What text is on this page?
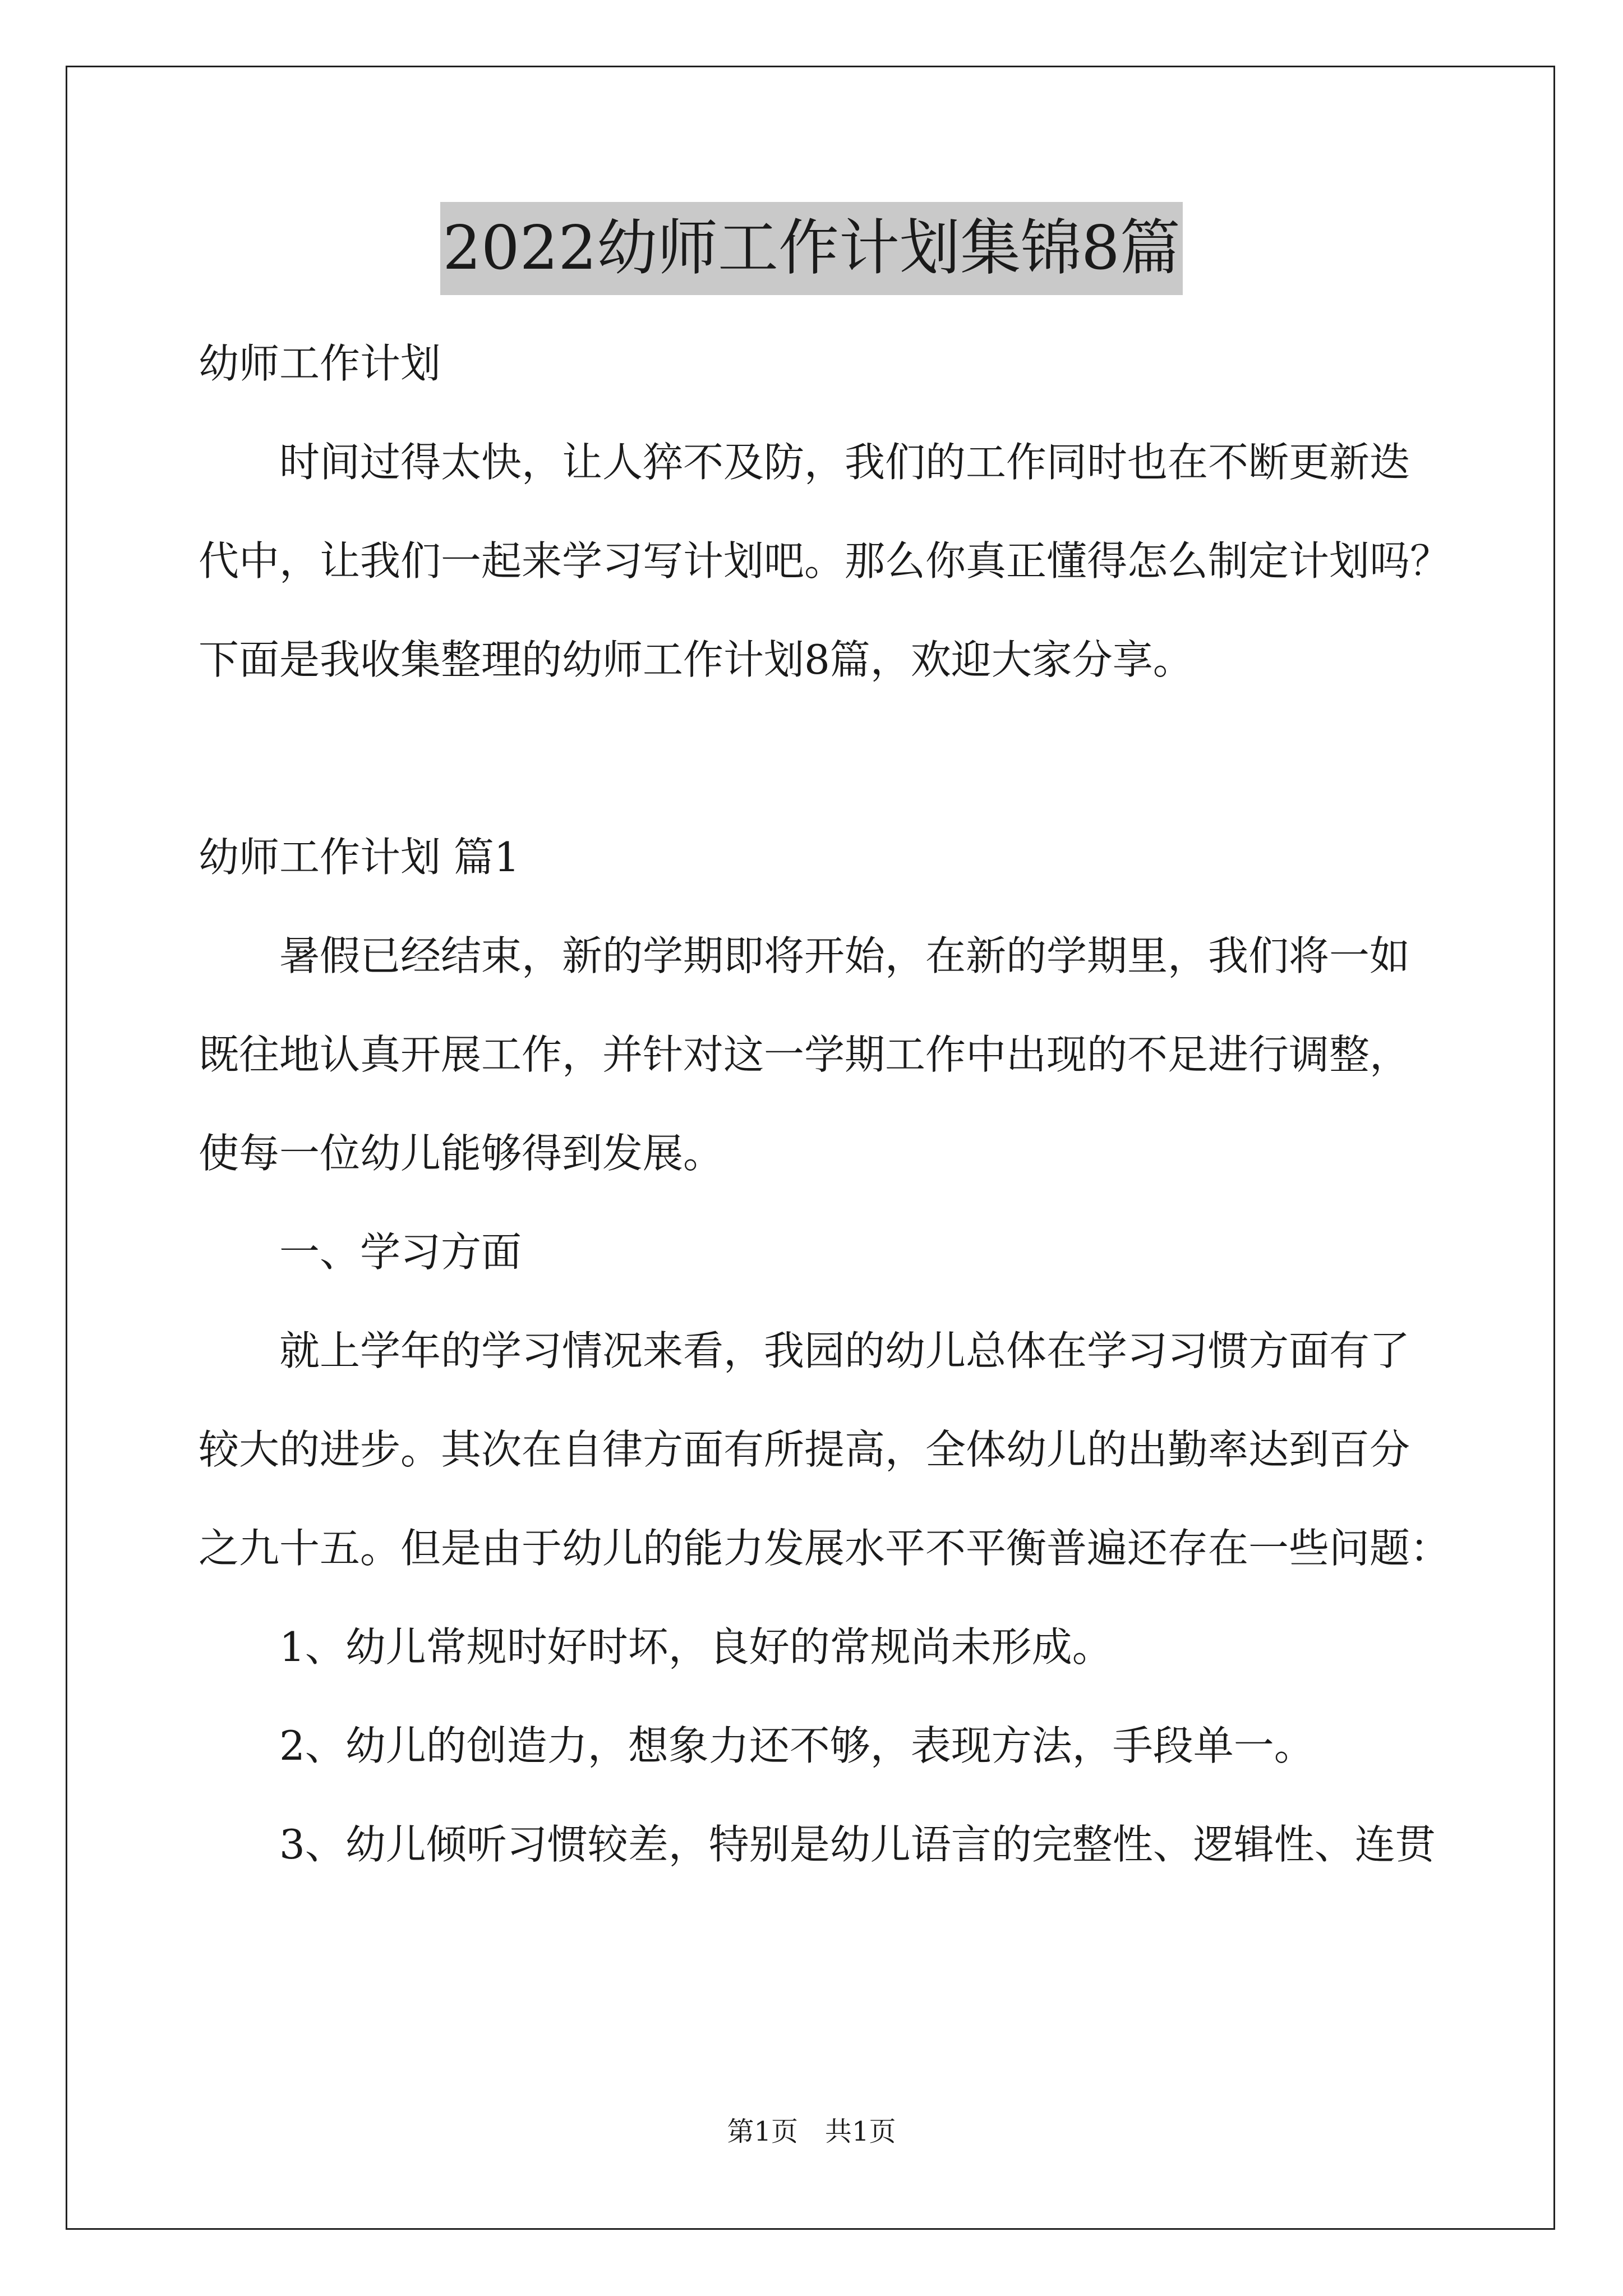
2022幼师工作计划集锦8篇

幼师工作计划

时间过得太快，让人猝不及防，我们的工作同时也在不断更新迭

代中，让我们一起来学习写计划吧。那么你真正懂得怎么制定计划吗？

下面是我收集整理的幼师工作计划8篇，欢迎大家分享。

幼师工作计划 篇1

暑假已经结束，新的学期即将开始，在新的学期里，我们将一如

既往地认真开展工作，并针对这一学期工作中出现的不足进行调整，

使每一位幼儿能够得到发展。

一、学习方面

就上学年的学习情况来看，我园的幼儿总体在学习习惯方面有了

较大的进步。其次在自律方面有所提高，全体幼儿的出勤率达到百分

之九十五。但是由于幼儿的能力发展水平不平衡普遍还存在一些问题：

1、幼儿常规时好时坏，良好的常规尚未形成。

2、幼儿的创造力，想象力还不够，表现方法，手段单一。

3、幼儿倾听习惯较差，特别是幼儿语言的完整性、逻辑性、连贯

第1页　共1页
